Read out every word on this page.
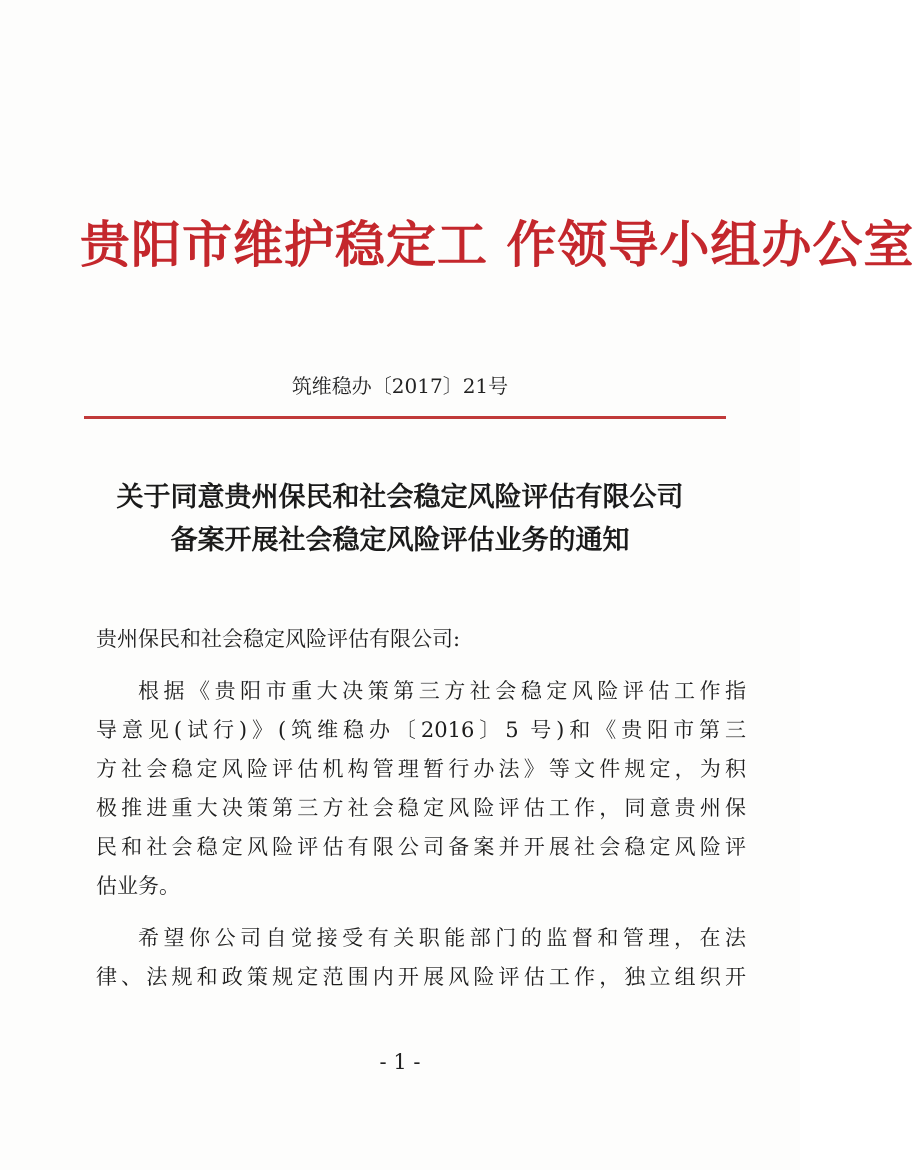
贵阳市维护稳定工 作领导小组办公室
筑维稳办〔2017〕21号
关于同意贵州保民和社会稳定风险评估有限公司
备案开展社会稳定风险评估业务的通知
贵州保民和社会稳定风险评估有限公司:
根据《贵阳市重大决策第三方社会稳定风险评估工作指
导意见(试行)》(筑维稳办〔2016〕5 号)和《贵阳市第三
方社会稳定风险评估机构管理暂行办法》等文件规定，为积
极推进重大决策第三方社会稳定风险评估工作，同意贵州保
民和社会稳定风险评估有限公司备案并开展社会稳定风险评
估业务。
希望你公司自觉接受有关职能部门的监督和管理，在法
律、法规和政策规定范围内开展风险评估工作，独立组织开
- 1 -
